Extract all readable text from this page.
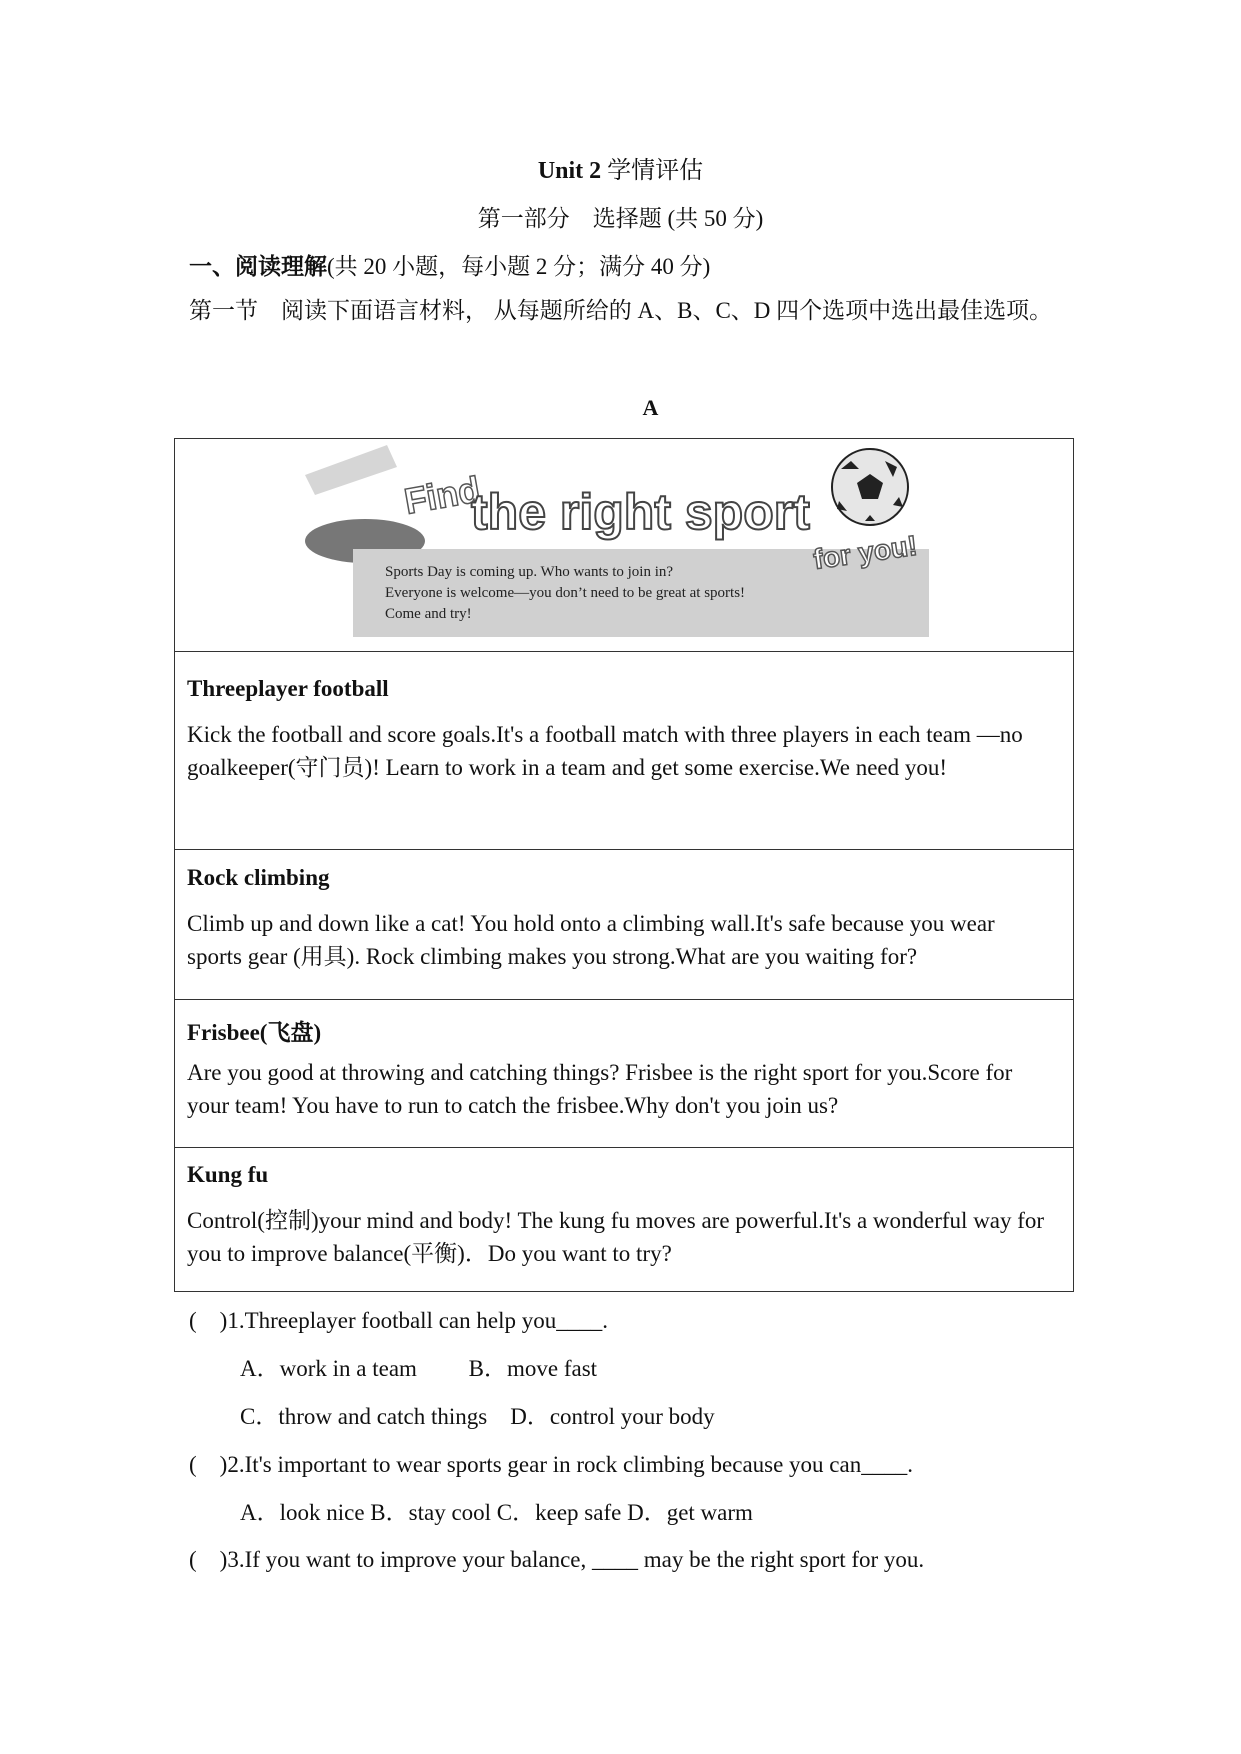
Unit 2 学情评估
第一部分　选择题 (共 50 分)
一、阅读理解(共 20 小题，每小题 2 分；满分 40 分)
第一节　阅读下面语言材料， 从每题所给的 A、B、C、D 四个选项中选出最佳选项。
A
Find
the right sport
for you!
Sports Day is coming up. Who wants to join in?
Everyone is welcome—you don’t need to be great at sports!
Come and try!
Threeplayer football
Kick the football and score goals.It's a football match with three players in each team —no goalkeeper(守门员)! Learn to work in a team and get some exercise.We need you!
Rock climbing
Climb up and down like a cat! You hold onto a climbing wall.It's safe because you wear sports gear (用具). Rock climbing makes you strong.What are you waiting for?
Frisbee(飞盘)
Are you good at throwing and catching things? Frisbee is the right sport for you.Score for your team! You have to run to catch the frisbee.Why don't you join us?
Kung fu
Control(控制)your mind and body! The kung fu moves are powerful.It's a wonderful way for you to improve balance(平衡)．Do you want to try?
(　)1.Threeplayer football can help you____.
A．work in a team　　 B．move fast
C．throw and catch things　D．control your body
(　)2.It's important to wear sports gear in rock climbing because you can____.
A．look nice B．stay cool C．keep safe D．get warm
(　)3.If you want to improve your balance, ____ may be the right sport for you.
